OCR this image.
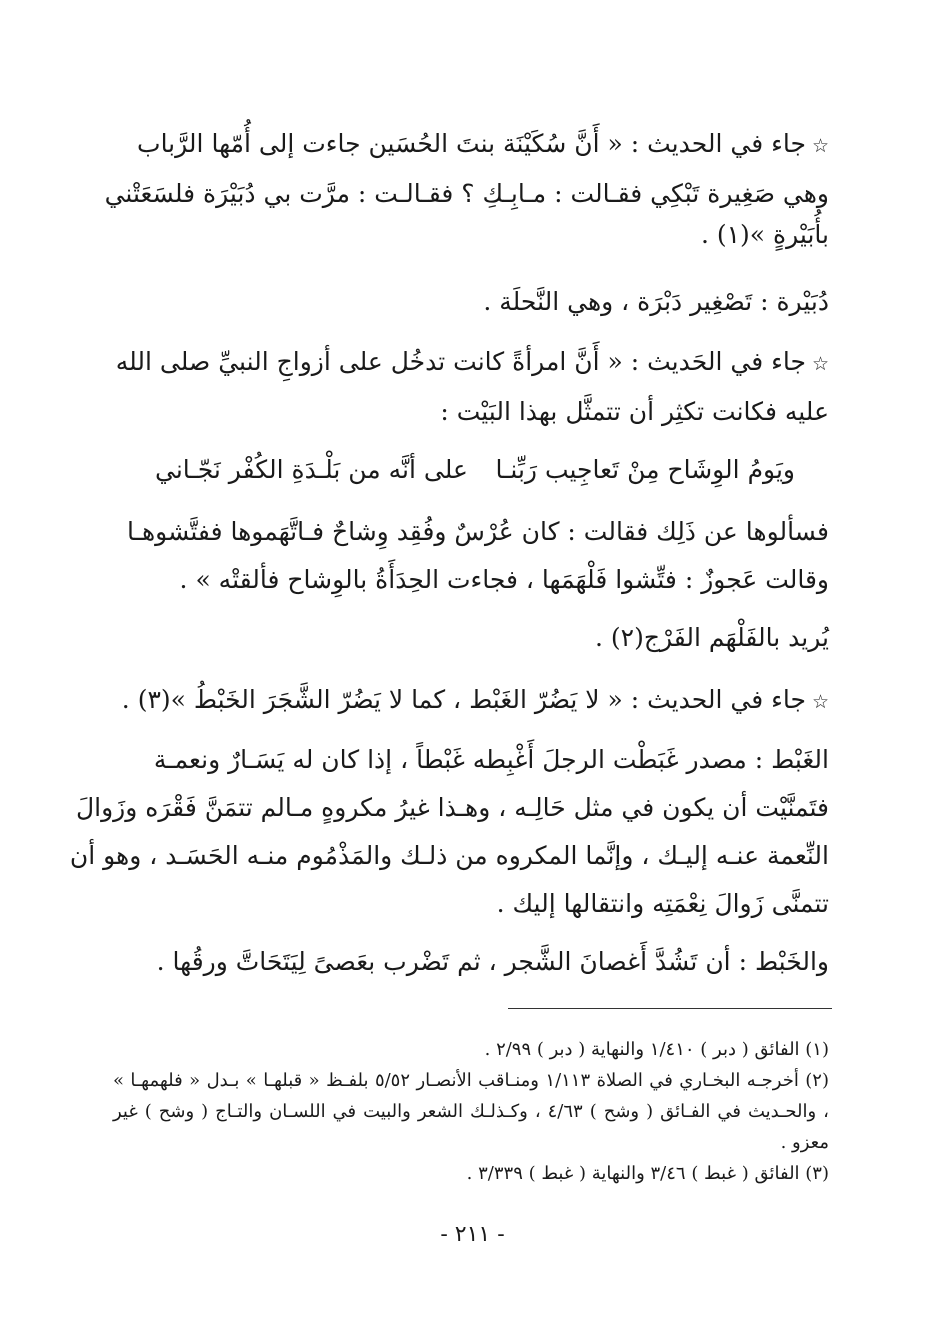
☆جاء في الحديث : « أَنَّ سُكَيْنَة بنتَ الحُسَين جاءت إلى أُمّها الرَّباب
وهي صَغِيرة تَبْكِي فقـالت : مـابِـكِ ؟ فقـالـت : مرَّت بي دُبَيْرَة فلسَعَتْني
بأُبَيْرةٍ »(١) .
دُبَيْرة : تَصْغِير دَبْرَة ، وهي النَّحلَة .
☆جاء في الحَديث : « أَنَّ امرأةً كانت تدخُل على أزواجِ النبيِّ صلى الله
عليه فكانت تكثِر أن تتمثَّل بهذا البَيْت :
ويَومُ الوِشَاح مِنْ تَعاجِيب رَبِّنـا
على أنَّه من بَلْـدَةِ الكُفْر نَجّـاني
فسألوها عن ذَلِك فقالت : كان عُرْسٌ وفُقِد وِشاحٌ فـاتَّهَموها ففتَّشوهـا
وقالت عَجوزٌ : فتِّشوا فَلْهَمَها ، فجاءت الحِدَأَةُ بالوِشاح فألقتْه » .
يُريد بالفَلْهَم الفَرْج(٢) .
☆جاء في الحديث : « لا يَضُرّ الغَبْط ، كما لا يَضُرّ الشَّجَرَ الخَبْطُ »(٣) .
الغَبْط : مصدر غَبَطْت الرجلَ أَغْبِطه غَبْطاً ، إذا كان له يَسَـارٌ ونعمـة
فتَمنَّيْت أن يكون في مثل حَالِـه ، وهـذا غيرُ مكروهٍ مـالم تتمَنَّ فَقْرَه وزَوالَ
النِّعمة عنـه إليـك ، وإنَّما المكروه من ذلـك والمَذْمُوم منـه الحَسَـد ، وهو أن
تتمنَّى زَوالَ نِعْمَتِه وانتقالها إليك .
والخَبْط : أن تَشُدَّ أَغصانَ الشَّجر ، ثم تَضْرب بعَصىً لِيَتَحَاتَّ ورقُها .

(١) الفائق ( دبر ) ١/٤١٠ والنهاية ( دبر ) ٢/٩٩ .

(٢) أخرجـه البخـاري في الصلاة ١/١١٣ ومنـاقب الأنصـار ٥/٥٢ بلفـظ « قبلهـا » بـدل « فلهمهـا » ، والحـديث في الفـائق ( وشح ) ٤/٦٣ ، وكـذلـك الشعر والبيت في اللسـان والتـاج ( وشح ) غير معزو .

(٣) الفائق ( غبط ) ٣/٤٦ والنهاية ( غبط ) ٣/٣٣٩ .

- ٢١١ -
